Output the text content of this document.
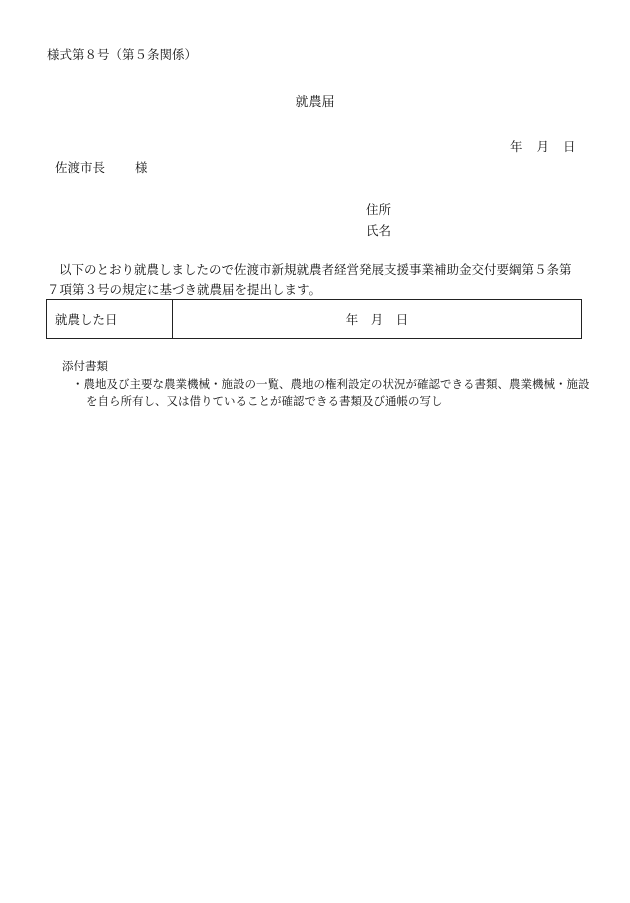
様式第８号（第５条関係）
就農届
年 月 日
佐渡市長 様
住所
氏名
以下のとおり就農しましたので佐渡市新規就農者経営発展支援事業補助金交付要綱第５条第７項第３号の規定に基づき就農届を提出します。
就農した日	年　月　日
添付書類
・農地及び主要な農業機械・施設の一覧、農地の権利設定の状況が確認できる書類、農業機械・施設を自ら所有し、又は借りていることが確認できる書類及び通帳の写し
